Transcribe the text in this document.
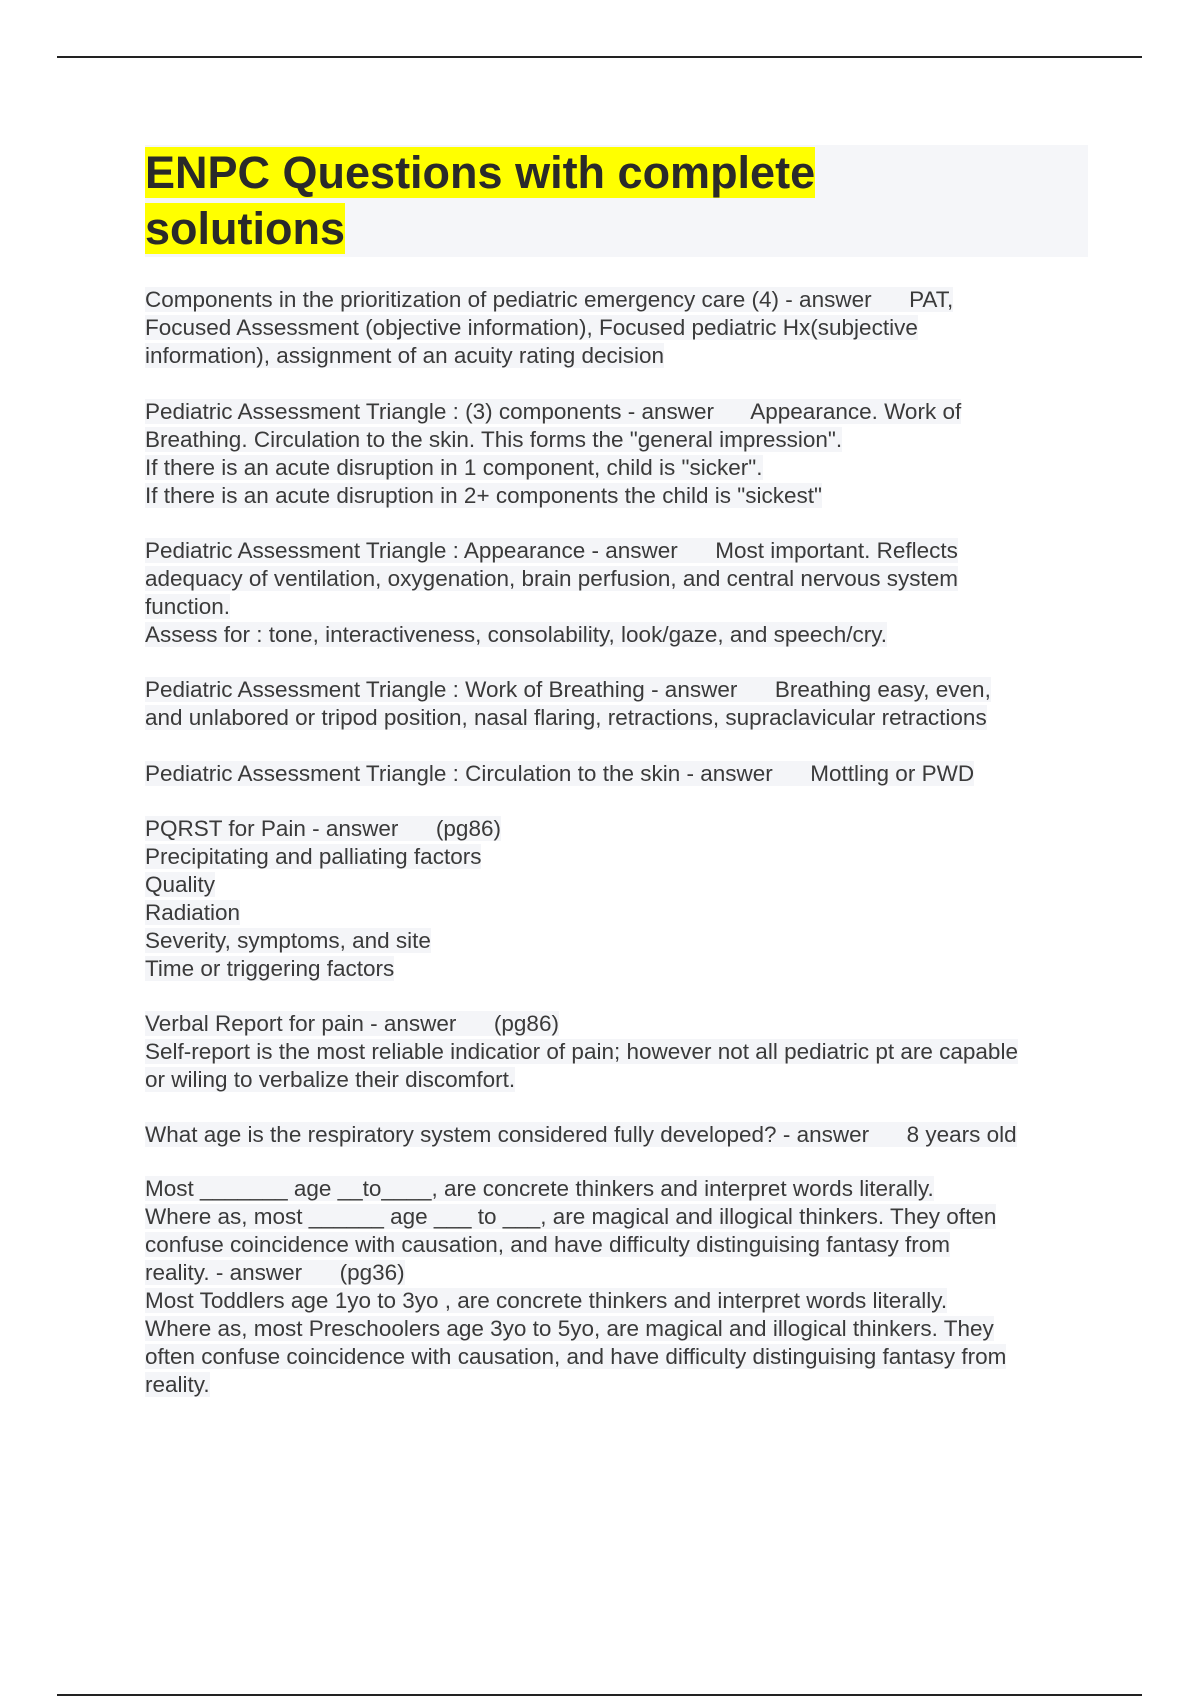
ENPC Questions with complete
solutions
Components in the prioritization of pediatric emergency care (4) - answer      PAT,
Focused Assessment (objective information), Focused pediatric Hx(subjective
information), assignment of an acuity rating decision
Pediatric Assessment Triangle : (3) components - answer      Appearance. Work of
Breathing. Circulation to the skin. This forms the "general impression".
If there is an acute disruption in 1 component, child is "sicker".
If there is an acute disruption in 2+ components the child is "sickest"
Pediatric Assessment Triangle : Appearance - answer      Most important. Reflects
adequacy of ventilation, oxygenation, brain perfusion, and central nervous system
function.
Assess for : tone, interactiveness, consolability, look/gaze, and speech/cry.
Pediatric Assessment Triangle : Work of Breathing - answer      Breathing easy, even,
and unlabored or tripod position, nasal flaring, retractions, supraclavicular retractions
Pediatric Assessment Triangle : Circulation to the skin - answer      Mottling or PWD
PQRST for Pain - answer      (pg86)
Precipitating and palliating factors
Quality
Radiation
Severity, symptoms, and site
Time or triggering factors
Verbal Report for pain - answer      (pg86)
Self-report is the most reliable indicatior of pain; however not all pediatric pt are capable
or wiling to verbalize their discomfort.
What age is the respiratory system considered fully developed? - answer      8 years old
Most _______ age __to____, are concrete thinkers and interpret words literally.
Where as, most ______ age ___ to ___, are magical and illogical thinkers. They often
confuse coincidence with causation, and have difficulty distinguising fantasy from
reality. - answer      (pg36)
Most Toddlers age 1yo to 3yo , are concrete thinkers and interpret words literally.
Where as, most Preschoolers age 3yo to 5yo, are magical and illogical thinkers. They
often confuse coincidence with causation, and have difficulty distinguising fantasy from
reality.
